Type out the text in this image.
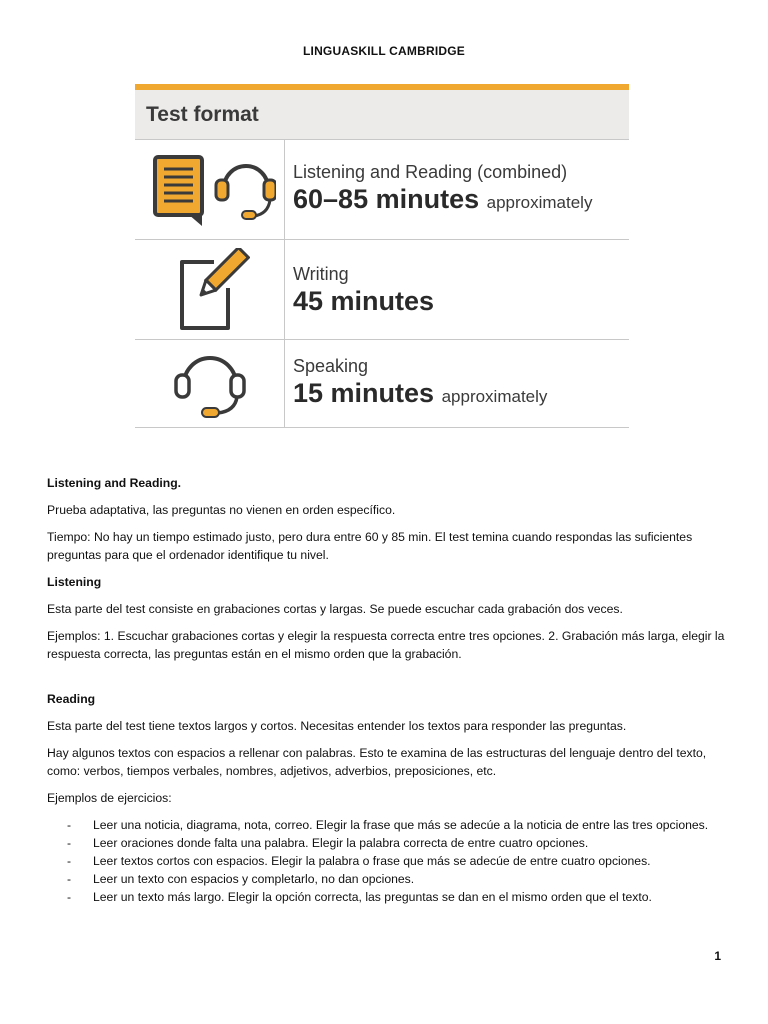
LINGUASKILL CAMBRIDGE
Test format
Listening and Reading (combined)
60–85 minutes approximately
Writing
45 minutes
Speaking
15 minutes approximately

Listening and Reading.

Prueba adaptativa, las preguntas no vienen en orden específico.

Tiempo: No hay un tiempo estimado justo, pero dura entre 60 y 85 min. El test temina cuando respondas las suficientes preguntas para que el ordenador identifique tu nivel.

Listening

Esta parte del test consiste en grabaciones cortas y largas. Se puede escuchar cada grabación dos veces.

Ejemplos: 1. Escuchar grabaciones cortas y elegir la respuesta correcta entre tres opciones. 2. Grabación más larga, elegir la respuesta correcta, las preguntas están en el mismo orden que la grabación.

Reading

Esta parte del test tiene textos largos y cortos. Necesitas entender los textos para responder las preguntas.

Hay algunos textos con espacios a rellenar con palabras. Esto te examina de las estructuras del lenguaje dentro del texto, como: verbos, tiempos verbales, nombres, adjetivos, adverbios, preposiciones, etc.

Ejemplos de ejercicios:

- Leer una noticia, diagrama, nota, correo. Elegir la frase que más se adecúe a la noticia de entre las tres opciones.
- Leer oraciones donde falta una palabra. Elegir la palabra correcta de entre cuatro opciones.
- Leer textos cortos con espacios. Elegir la palabra o frase que más se adecúe de entre cuatro opciones.
- Leer un texto con espacios y completarlo, no dan opciones.
- Leer un texto más largo. Elegir la opción correcta, las preguntas se dan en el mismo orden que el texto.
1
